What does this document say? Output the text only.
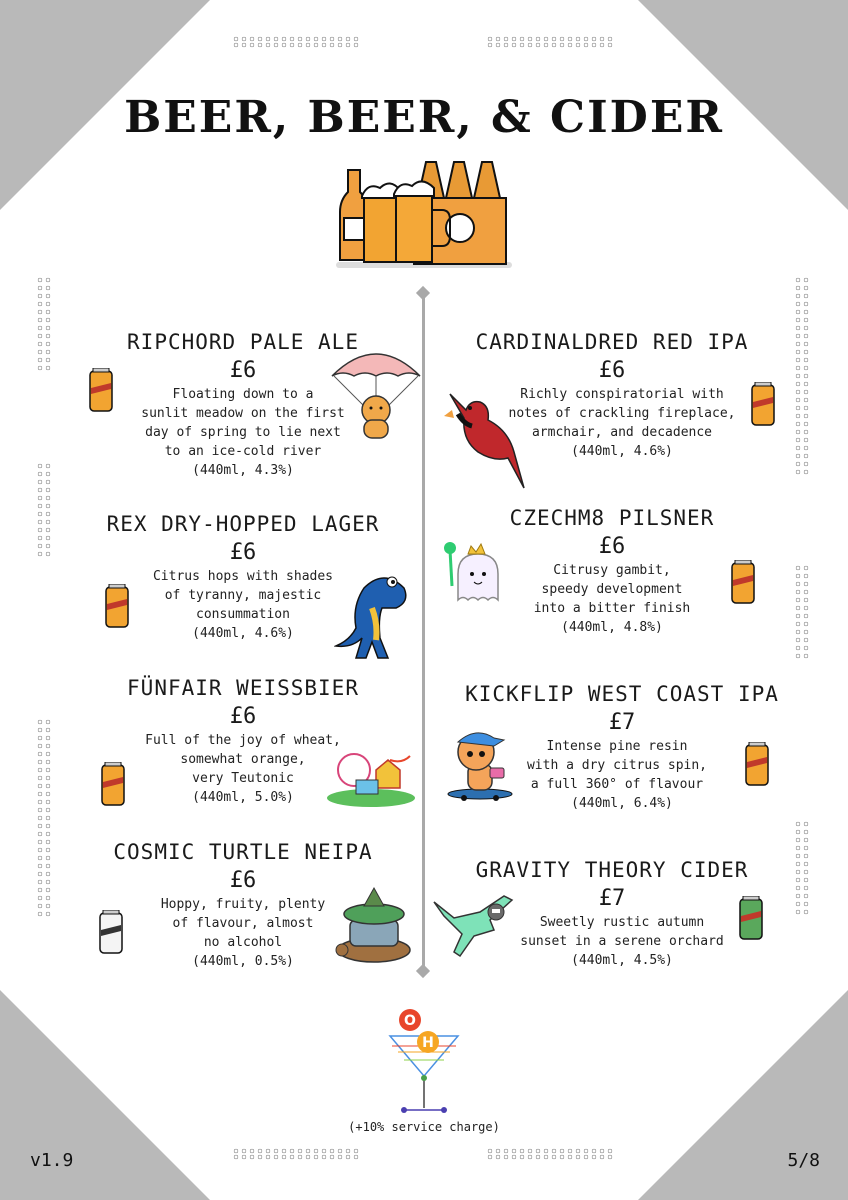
BEER, BEER, & CIDER
RIPCHORD PALE ALE
£6
Floating down to a
sunlit meadow on the first
day of spring to lie next
to an ice-cold river
(440ml, 4.3%)
REX DRY-HOPPED LAGER
£6
Citrus hops with shades
of tyranny, majestic
consummation
(440ml, 4.6%)
FÜNFAIR WEISSBIER
£6
Full of the joy of wheat,
somewhat orange,
very Teutonic
(440ml, 5.0%)
COSMIC TURTLE NEIPA
£6
Hoppy, fruity, plenty
of flavour, almost
no alcohol
(440ml, 0.5%)
CARDINALDRED RED IPA
£6
Richly conspiratorial with
notes of crackling fireplace,
armchair, and decadence
(440ml, 4.6%)
CZECHM8 PILSNER
£6
Citrusy gambit,
speedy development
into a bitter finish
(440ml, 4.8%)
KICKFLIP WEST COAST IPA
£7
Intense pine resin
with a dry citrus spin,
a full 360° of flavour
(440ml, 6.4%)
GRAVITY THEORY CIDER
£7
Sweetly rustic autumn
sunset in a serene orchard
(440ml, 4.5%)
O
H
(+10% service charge)
v1.9	5/8
